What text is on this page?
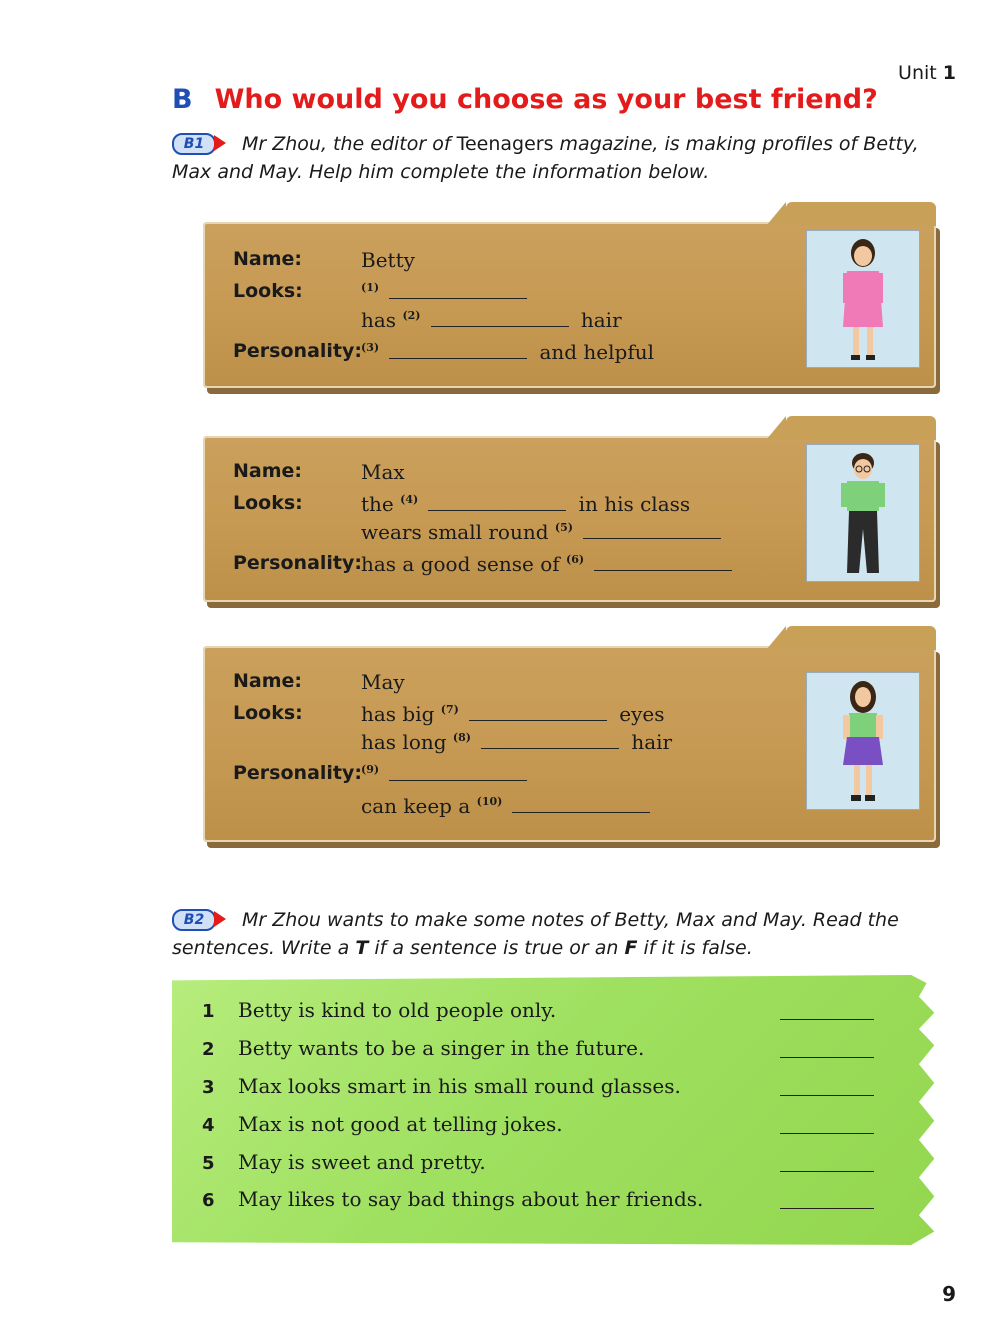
Unit 1
B Who would you choose as your best friend?
B1	Mr Zhou, the editor of Teenagers magazine, is making profiles of Betty, Max and May. Help him complete the information below.
Name:	Betty
Looks:	$^{(1)}$
has $^{(2)}$	hair
Personality: $^{(3)}$	and helpful
Name:	Max
Looks:	the $^{(4)}$	in his class
wears small round $^{(5)}$
Personality: has a good sense of $^{(6)}$
Name:	May
Looks:	has big $^{(7)}$	eyes
has long $^{(8)}$	hair
Personality: $^{(9)}$
can keep a $^{(10)}$
B2	Mr Zhou wants to make some notes of Betty, Max and May. Read the sentences. Write a T if a sentence is true or an F if it is false.
1 Betty is kind to old people only.
2 Betty wants to be a singer in the future.
3 Max looks smart in his small round glasses.
4 Max is not good at telling jokes.
5 May is sweet and pretty.
6 May likes to say bad things about her friends.
9
